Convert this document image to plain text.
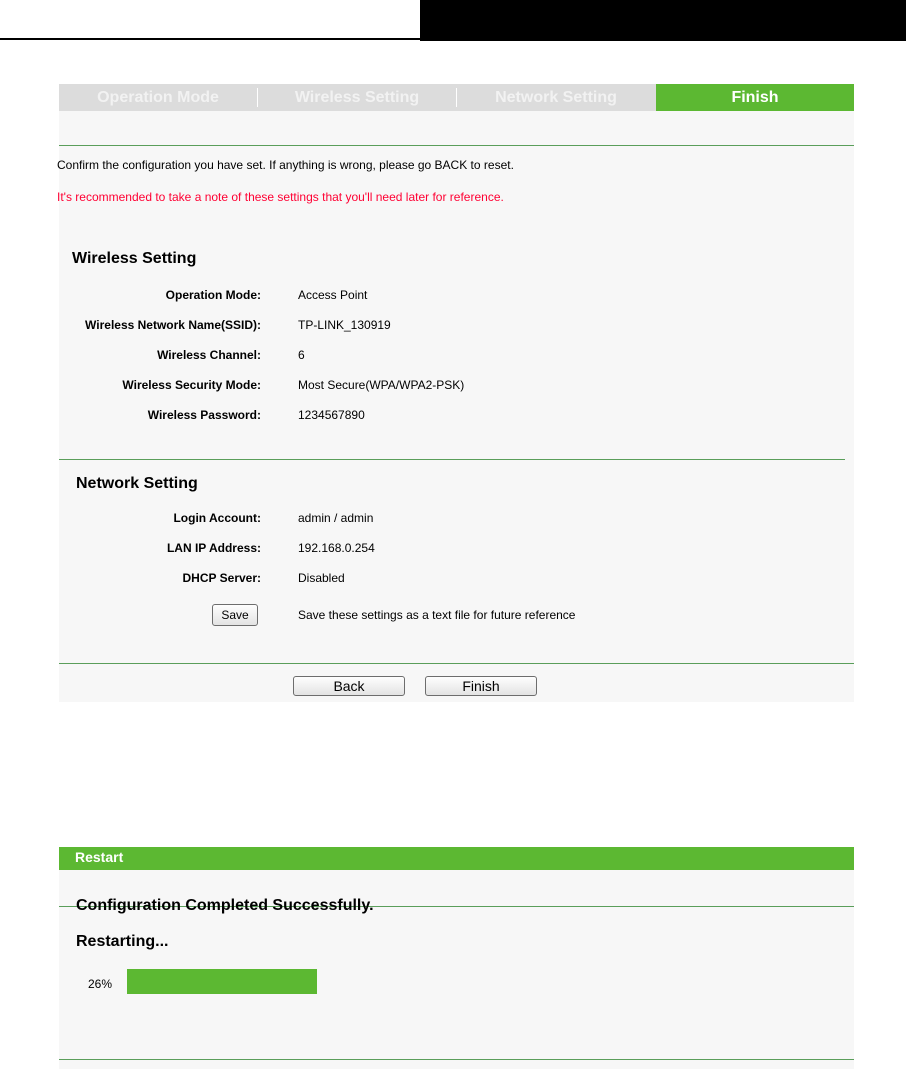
Operation Mode	Wireless Setting	Network Setting	Finish
Confirm the configuration you have set. If anything is wrong, please go BACK to reset.
It's recommended to take a note of these settings that you'll need later for reference.
Wireless Setting
Operation Mode:	Access Point
Wireless Network Name(SSID):	TP-LINK_130919
Wireless Channel:	6
Wireless Security Mode:	Most Secure(WPA/WPA2-PSK)
Wireless Password:	1234567890
Network Setting
Login Account:	admin / admin
LAN IP Address:	192.168.0.254
DHCP Server:	Disabled
Save	Save these settings as a text file for future reference
Back	Finish
Restart
Configuration Completed Successfully.
Restarting...
26%
